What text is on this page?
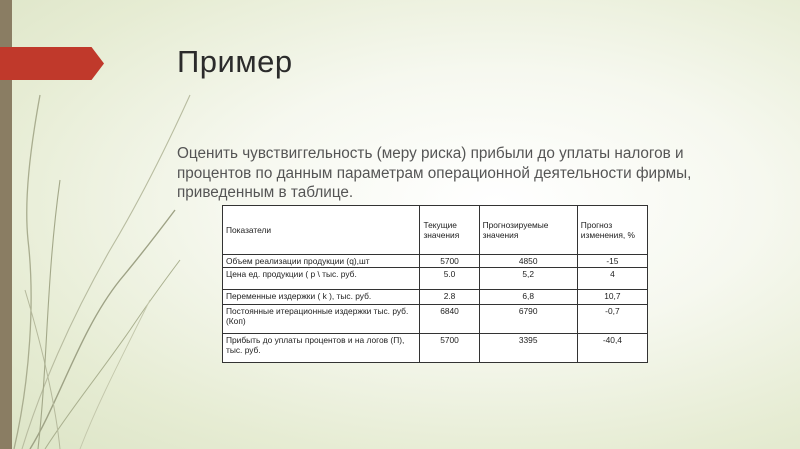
Пример
Оценить чувствиггельность (меру риска) прибыли до уплаты налогов и процентов по данным параметрам операционной деятельности фирмы, приведенным в таблице.
Показатели	Текущие значения	Прогнозируемые значения	Прогноз изменения, %
Объем реализации продукции (q),шт	5700	4850	-15
Цена ед. продукции ( р \ тыс. руб.	5.0	5,2	4
Переменные издержки ( k ), тыс. руб.	2.8	6,8	10,7
Постоянные итерационные издержки тыс. руб. (Коп)	6840	6790	-0,7
Прибыть до уплаты процентов и на логов (П), тыс. руб.	5700	3395	-40,4
